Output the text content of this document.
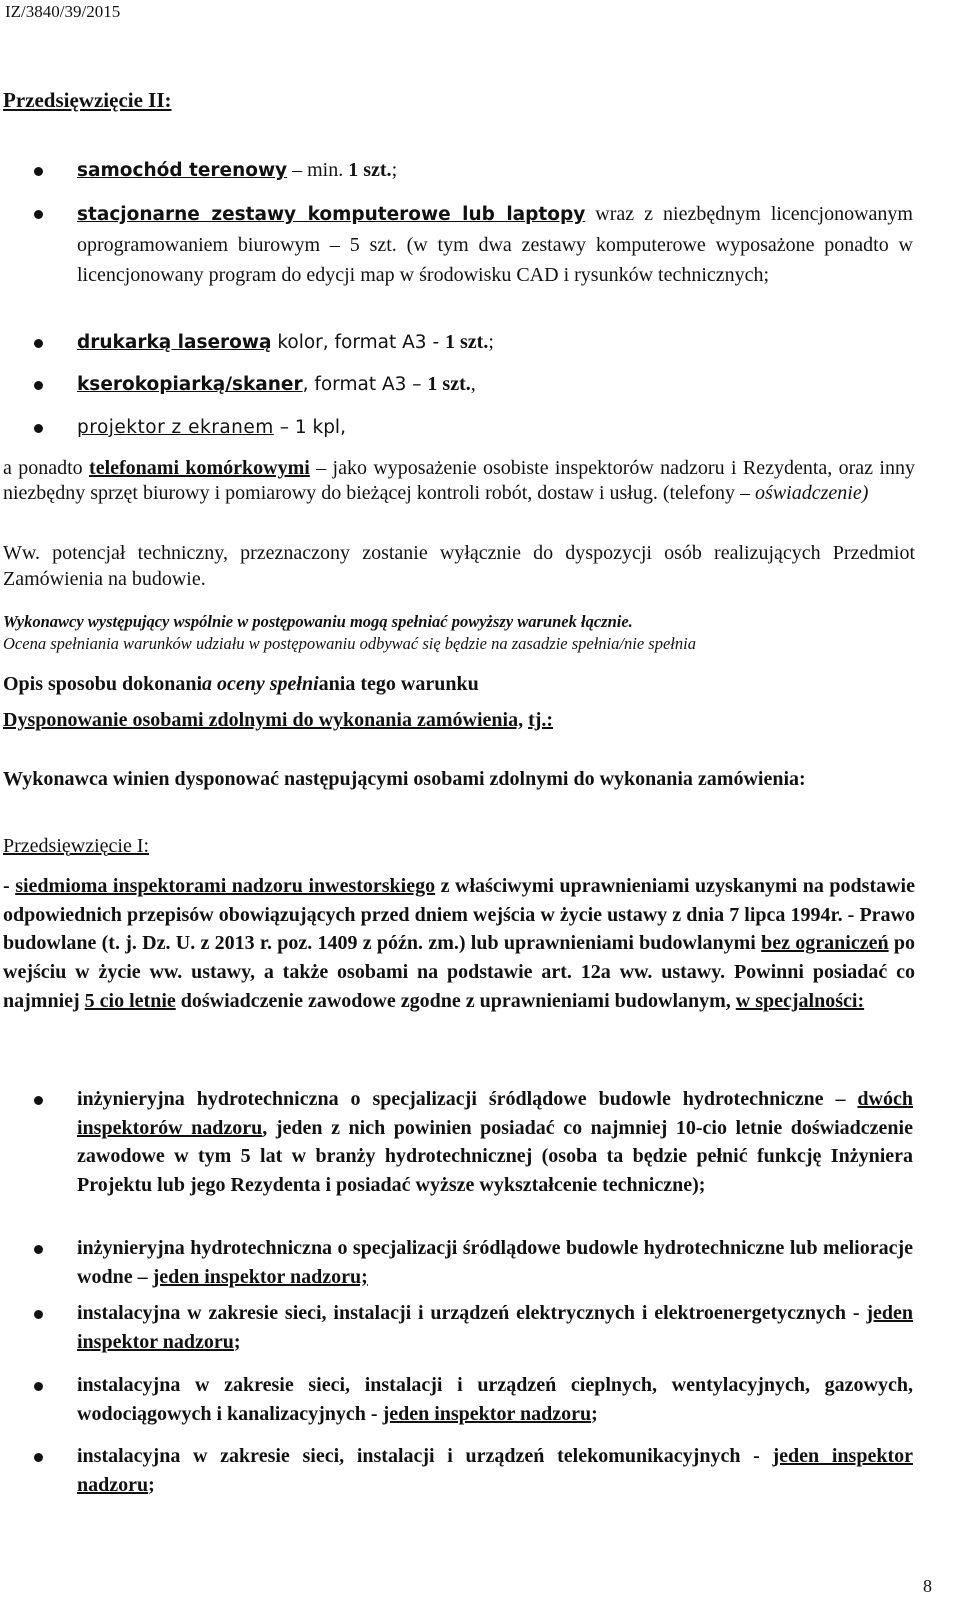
IZ/3840/39/2015
Przedsięwzięcie II:
samochód terenowy – min. 1 szt.;
stacjonarne zestawy komputerowe lub laptopy wraz z niezbędnym licencjonowanym oprogramowaniem biurowym – 5 szt. (w tym dwa zestawy komputerowe wyposażone ponadto w licencjonowany program do edycji map w środowisku CAD i rysunków technicznych;
drukarką laserową kolor, format A3 - 1 szt.;
kserokopiarką/skaner, format A3 – 1 szt.,
projektor z ekranem – 1 kpl,
a ponadto telefonami komórkowymi – jako wyposażenie osobiste inspektorów nadzoru i Rezydenta, oraz inny niezbędny sprzęt biurowy i pomiarowy do bieżącej kontroli robót, dostaw i usług. (telefony – oświadczenie)
Ww. potencjał techniczny, przeznaczony zostanie wyłącznie do dyspozycji osób realizujących Przedmiot Zamówienia na budowie.
Wykonawcy występujący wspólnie w postępowaniu mogą spełniać powyższy warunek łącznie.
Ocena spełniania warunków udziału w postępowaniu odbywać się będzie na zasadzie spełnia/nie spełnia
Opis sposobu dokonania oceny spełniania tego warunku
Dysponowanie osobami zdolnymi do wykonania zamówienia, tj.:
Wykonawca winien dysponować następującymi osobami zdolnymi do wykonania zamówienia:
Przedsięwzięcie I:
- siedmioma inspektorami nadzoru inwestorskiego z właściwymi uprawnieniami uzyskanymi na podstawie odpowiednich przepisów obowiązujących przed dniem wejścia w życie ustawy z dnia 7 lipca 1994r. - Prawo budowlane (t. j. Dz. U. z 2013 r. poz. 1409 z późn. zm.) lub uprawnieniami budowlanymi bez ograniczeń po wejściu w życie ww. ustawy, a także osobami na podstawie art. 12a ww. ustawy. Powinni posiadać co najmniej 5 cio letnie doświadczenie zawodowe zgodne z uprawnieniami budowlanym, w specjalności:
inżynieryjna hydrotechniczna o specjalizacji śródlądowe budowle hydrotechniczne – dwóch inspektorów nadzoru, jeden z nich powinien posiadać co najmniej 10-cio letnie doświadczenie zawodowe w tym 5 lat w branży hydrotechnicznej (osoba ta będzie pełnić funkcję Inżyniera Projektu lub jego Rezydenta i posiadać wyższe wykształcenie techniczne);
inżynieryjna hydrotechniczna o specjalizacji śródlądowe budowle hydrotechniczne lub melioracje wodne – jeden inspektor nadzoru;
instalacyjna w zakresie sieci, instalacji i urządzeń elektrycznych i elektroenergetycznych - jeden inspektor nadzoru;
instalacyjna w zakresie sieci, instalacji i urządzeń cieplnych, wentylacyjnych, gazowych, wodociągowych i kanalizacyjnych - jeden inspektor nadzoru;
instalacyjna w zakresie sieci, instalacji i urządzeń telekomunikacyjnych - jeden inspektor nadzoru;
8
